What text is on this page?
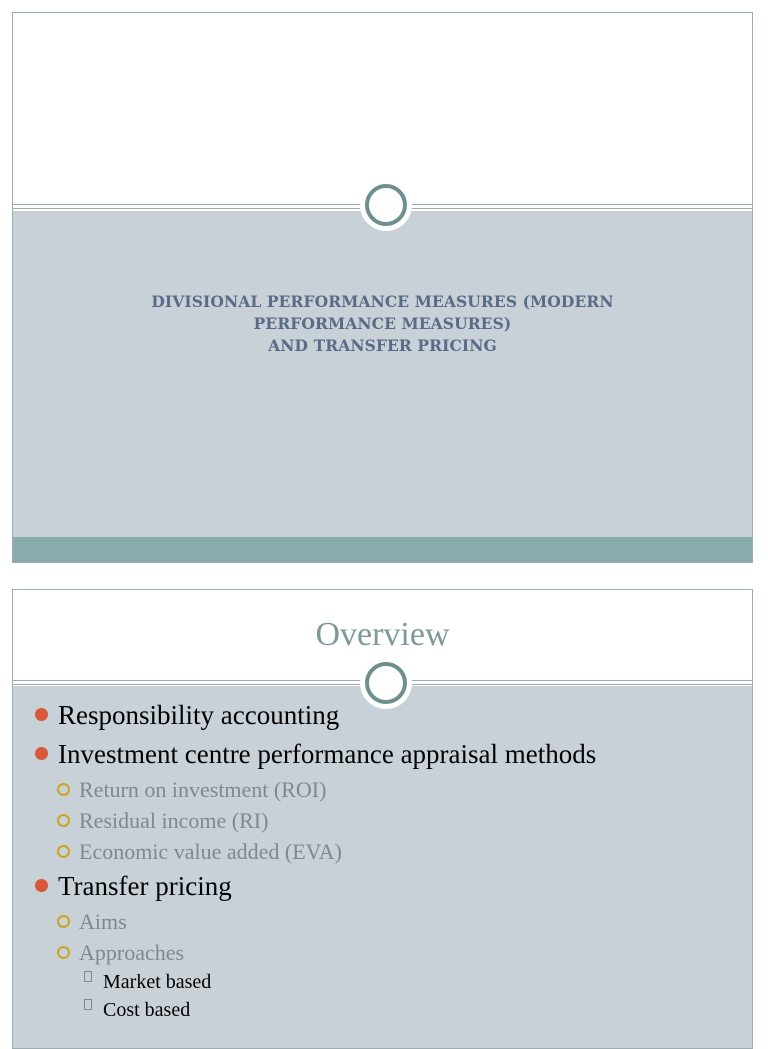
DIVISIONAL PERFORMANCE MEASURES (MODERN
PERFORMANCE MEASURES)
AND TRANSFER PRICING
Overview
Responsibility accounting
Investment centre performance appraisal methods
Return on investment (ROI)
Residual income (RI)
Economic value added (EVA)
Transfer pricing
Aims
Approaches
Market based
Cost based
